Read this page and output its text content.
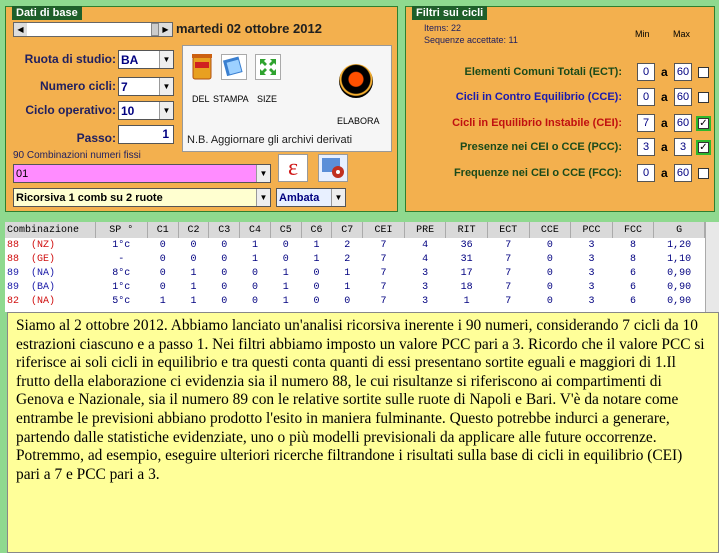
Dati di base
◀	▶ martedi 02 ottobre 2012
Ruota di studio: BA	▼
Numero cicli: 7	▼
Ciclo operativo: 10	▼
Passo:	1
DEL STAMPA SIZE
ELABORA
N.B. Aggiornare gli archivi derivati
90 Combinazioni numeri fissi
01	▼ ε
Ricorsiva 1 comb su 2 ruote	▼ Ambata	▼
Filtri sui cicli
Items: 22
Sequenze accettate: 11
Min	Max
Elementi Comuni Totali (ECT):	0 a 60
Cicli in Contro Equilibrio (CCE):	0 a 60
Cicli in Equilibrio Instabile (CEI):	7 a 60 ✓
Presenze nei CEI o CCE (PCC):	3 a	3	✓
Frequenze nei CEI o CCE (FCC):	0 a 60
Combinazione	SP °	C1	C2	C3	C4	C5	C6	C7	CEI	PRE	RIT	ECT	CCE	PCC	FCC	G
88  (NZ)	1°c	0	0	0	1	0	1	2	7	4	36	7	0	3	8	1,20
88  (GE)	-	0	0	0	1	0	1	2	7	4	31	7	0	3	8	1,10
89  (NA)	8°c	0	1	0	0	1	0	1	7	3	17	7	0	3	6	0,90
89  (BA)	1°c	0	1	0	0	1	0	1	7	3	18	7	0	3	6	0,90
82  (NA)	5°c	1	1	0	0	1	0	0	7	3	1	7	0	3	6	0,90
Siamo al 2 ottobre 2012. Abbiamo lanciato un'analisi ricorsiva inerente i 90 numeri, considerando 7 cicli da 10 estrazioni ciascuno e a passo 1. Nei filtri abbiamo imposto un valore PCC pari a 3. Ricordo che il valore PCC si riferisce ai soli cicli in equilibrio e tra questi conta quanti di essi presentano sortite eguali e maggiori di 1.Il frutto della elaborazione ci evidenzia sia il numero 88, le cui risultanze si riferiscono ai compartimenti di Genova e Nazionale, sia il numero 89 con le relative sortite sulle ruote di Napoli e Bari. V'è da notare come entrambe le previsioni abbiano prodotto l'esito in maniera fulminante. Questo potrebbe indurci a generare, partendo dalle statistiche evidenziate, uno o più modelli previsionali da applicare alle future occorrenze. Potremmo, ad esempio, eseguire ulteriori ricerche filtrandone i risultati sulla base di cicli in equilibrio (CEI) pari a 7 e PCC pari a 3.
